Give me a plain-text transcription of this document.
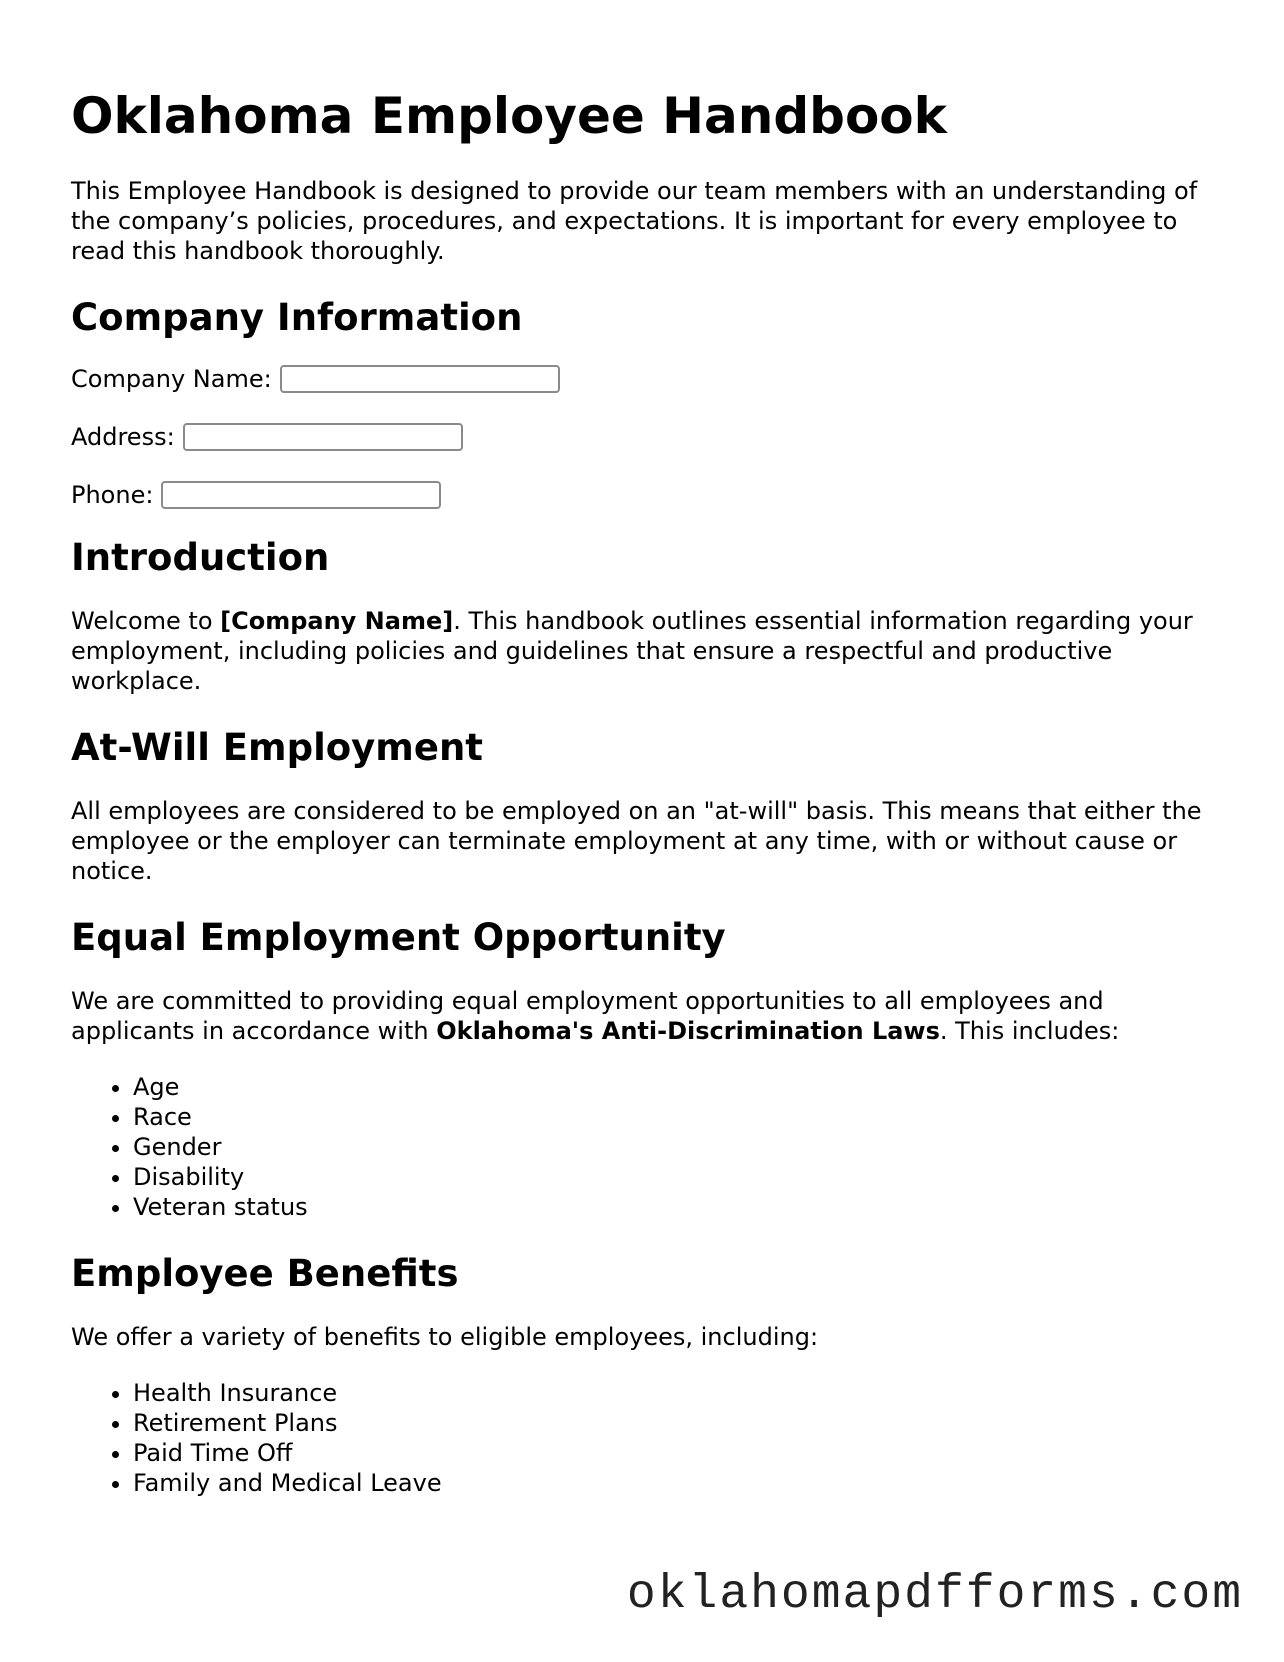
Oklahoma Employee Handbook

This Employee Handbook is designed to provide our team members with an understanding of the company’s policies, procedures, and expectations. It is important for every employee to read this handbook thoroughly.

Company Information
Company Name:
Address:
Phone:
Introduction

Welcome to [Company Name]. This handbook outlines essential information regarding your employment, including policies and guidelines that ensure a respectful and productive workplace.

At-Will Employment

All employees are considered to be employed on an "at-will" basis. This means that either the employee or the employer can terminate employment at any time, with or without cause or notice.

Equal Employment Opportunity

We are committed to providing equal employment opportunities to all employees and applicants in accordance with Oklahoma's Anti-Discrimination Laws. This includes:

• Age
• Race
• Gender
• Disability
• Veteran status
Employee Benefits

We offer a variety of benefits to eligible employees, including:

• Health Insurance
• Retirement Plans
• Paid Time Off
• Family and Medical Leave
oklahomapdfforms.com
